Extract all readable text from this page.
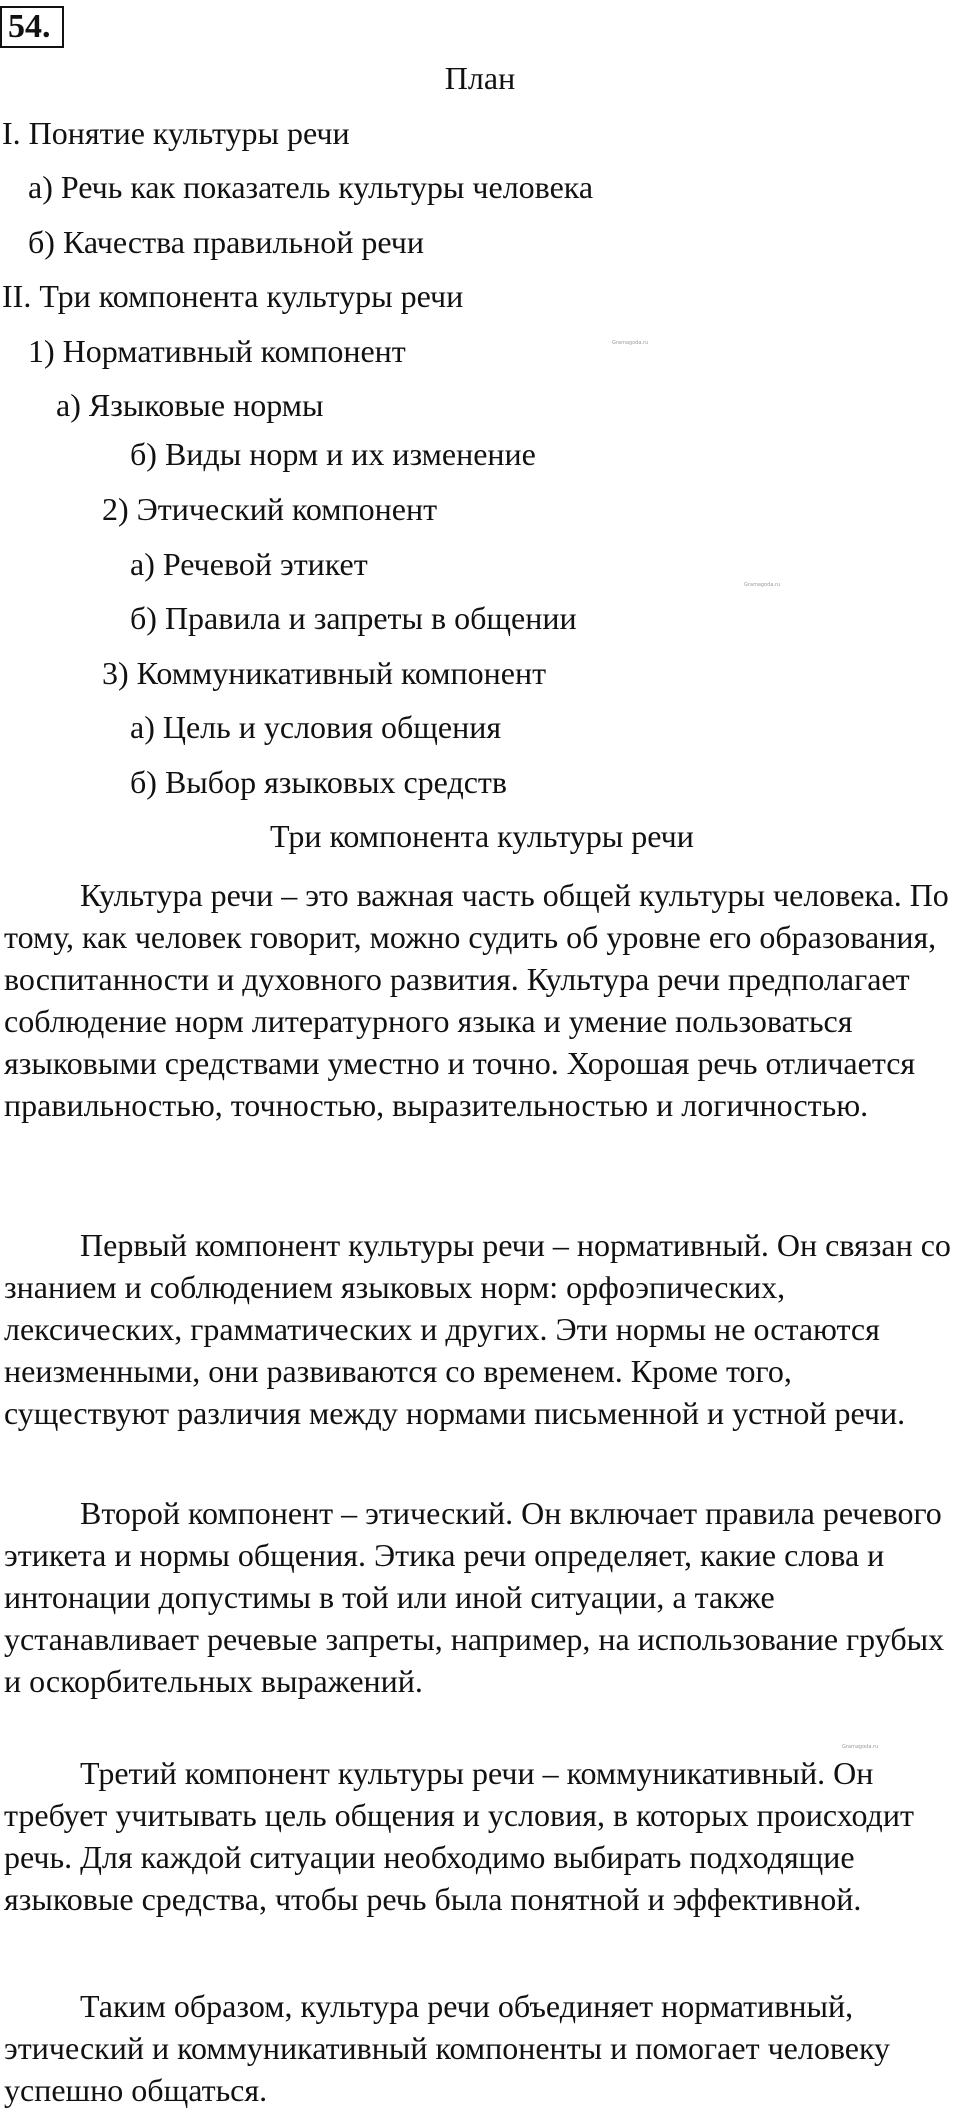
54.
План
I. Понятие культуры речи
а) Речь как показатель культуры человека
б) Качества правильной речи
II. Три компонента культуры речи
1) Нормативный компонент
а) Языковые нормы
б) Виды норм и их изменение
2) Этический компонент
а) Речевой этикет
б) Правила и запреты в общении
3) Коммуникативный компонент
а) Цель и условия общения
б) Выбор языковых средств
Три компонента культуры речи

Культура речи – это важная часть общей культуры человека. По тому, как человек говорит, можно судить об уровне его образования, воспитанности и духовного развития. Культура речи предполагает соблюдение норм литературного языка и умение пользоваться языковыми средствами уместно и точно. Хорошая речь отличается правильностью, точностью, выразительностью и логичностью.

Первый компонент культуры речи – нормативный. Он связан со знанием и соблюдением языковых норм: орфоэпических, лексических, грамматических и других. Эти нормы не остаются неизменными, они развиваются со временем. Кроме того, существуют различия между нормами письменной и устной речи.

Второй компонент – этический. Он включает правила речевого этикета и нормы общения. Этика речи определяет, какие слова и интонации допустимы в той или иной ситуации, а также устанавливает речевые запреты, например, на использование грубых и оскорбительных выражений.

Третий компонент культуры речи – коммуникативный. Он требует учитывать цель общения и условия, в которых происходит речь. Для каждой ситуации необходимо выбирать подходящие языковые средства, чтобы речь была понятной и эффективной.

Таким образом, культура речи объединяет нормативный, этический и коммуникативный компоненты и помогает человеку успешно общаться.

Gramagoda.ru
Gramagoda.ru
Gramagoda.ru
